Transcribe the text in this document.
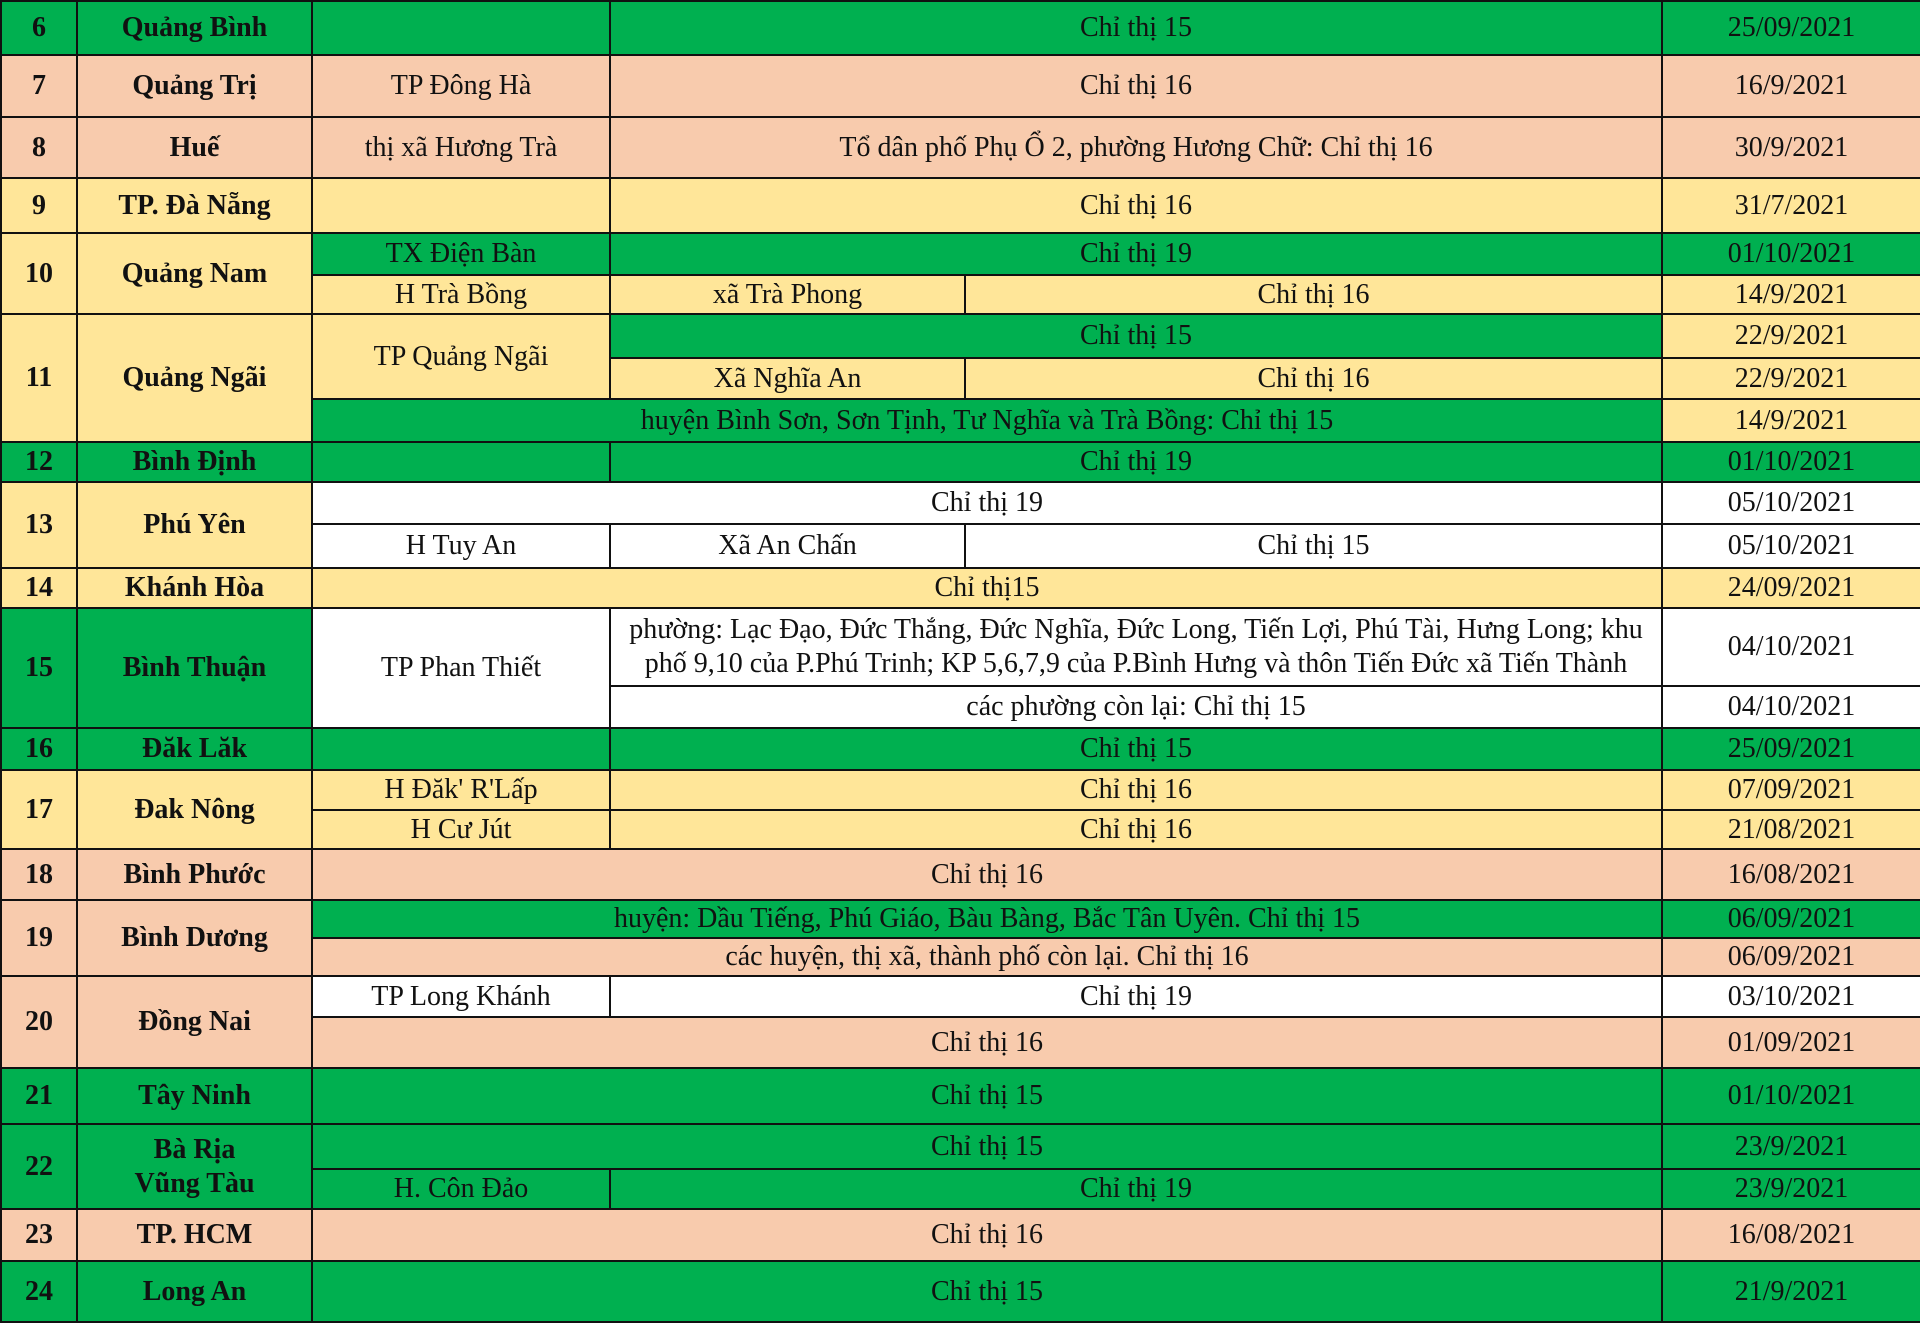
6	Quảng Bình		Chỉ thị 15		25/09/2021
7	Quảng Trị	TP Đông Hà	Chỉ thị 16		16/9/2021
8	Huế	thị xã Hương Trà	Tổ dân phố Phụ Ổ 2, phường Hương Chữ: Chỉ thị 16		30/9/2021
9	TP. Đà Nẵng		Chỉ thị 16		31/7/2021
10	Quảng Nam	TX Điện Bàn	Chỉ thị 19		01/10/2021
		H Trà Bồng	xã Trà Phong	Chỉ thị 16	14/9/2021
11	Quảng Ngãi	TP Quảng Ngãi	Chỉ thị 15		22/9/2021
			Xã Nghĩa An	Chỉ thị 16	22/9/2021
		huyện Bình Sơn, Sơn Tịnh, Tư Nghĩa và Trà Bồng: Chỉ thị 15			14/9/2021
12	Bình Định		Chỉ thị 19		01/10/2021
13	Phú Yên	Chỉ thị 19			05/10/2021
		H Tuy An	Xã An Chấn	Chỉ thị 15	05/10/2021
14	Khánh Hòa	Chỉ thị15			24/09/2021
15	Bình Thuận	TP Phan Thiết	phường: Lạc Đạo, Đức Thắng, Đức Nghĩa, Đức Long, Tiến Lợi, Phú Tài, Hưng Long; khu
phố 9,10 của P.Phú Trinh; KP 5,6,7,9 của P.Bình Hưng và thôn Tiến Đức xã Tiến Thành		04/10/2021
			các phường còn lại: Chỉ thị 15		04/10/2021
16	Đăk Lăk		Chỉ thị 15		25/09/2021
17	Đak Nông	H Đăk' R'Lấp	Chỉ thị 16		07/09/2021
		H Cư Jút	Chỉ thị 16		21/08/2021
18	Bình Phước	Chỉ thị 16			16/08/2021
19	Bình Dương	huyện: Dầu Tiếng, Phú Giáo, Bàu Bàng, Bắc Tân Uyên. Chỉ thị 15			06/09/2021
		các huyện, thị xã, thành phố còn lại. Chỉ thị 16			06/09/2021
20	Đồng Nai	TP Long Khánh	Chỉ thị 19		03/10/2021
		Chỉ thị 16			01/09/2021
21	Tây Ninh	Chỉ thị 15			01/10/2021
22	Bà Rịa
Vũng Tàu	Chỉ thị 15			23/9/2021
		H. Côn Đảo	Chỉ thị 19		23/9/2021
23	TP. HCM	Chỉ thị 16			16/08/2021
24	Long An	Chỉ thị 15			21/9/2021
